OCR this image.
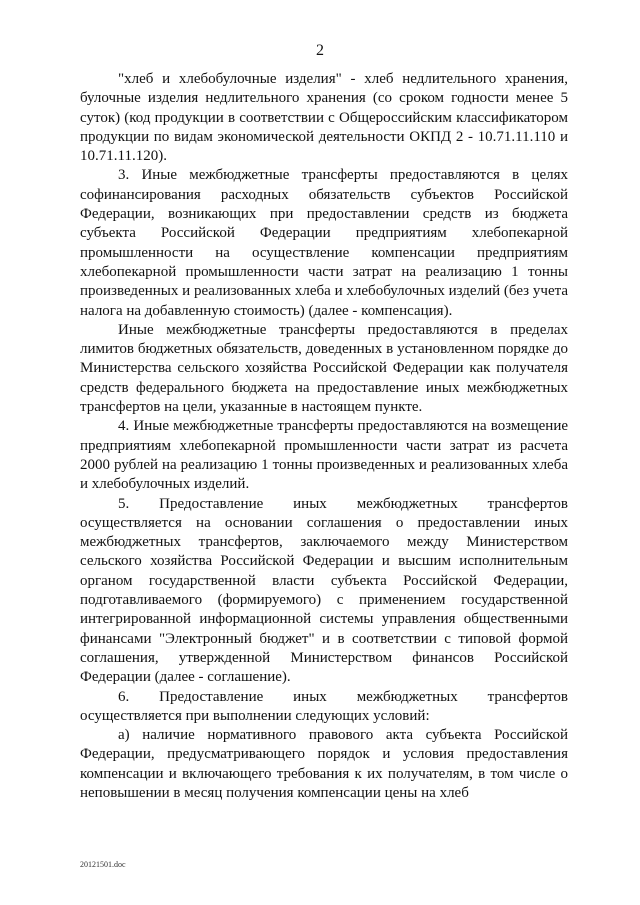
2

"хлеб и хлебобулочные изделия" - хлеб недлительного хранения, булочные изделия недлительного хранения (со сроком годности менее 5 суток) (код продукции в соответствии с Общероссийским классификатором продукции по видам экономической деятельности ОКПД 2 - 10.71.11.110 и 10.71.11.120).

3. Иные межбюджетные трансферты предоставляются в целях софинансирования расходных обязательств субъектов Российской Федерации, возникающих при предоставлении средств из бюджета субъекта Российской Федерации предприятиям хлебопекарной промышленности на осуществление компенсации предприятиям хлебопекарной промышленности части затрат на реализацию 1 тонны произведенных и реализованных хлеба и хлебобулочных изделий (без учета налога на добавленную стоимость) (далее - компенсация).

Иные межбюджетные трансферты предоставляются в пределах лимитов бюджетных обязательств, доведенных в установленном порядке до Министерства сельского хозяйства Российской Федерации как получателя средств федерального бюджета на предоставление иных межбюджетных трансфертов на цели, указанные в настоящем пункте.

4. Иные межбюджетные трансферты предоставляются на возмещение предприятиям хлебопекарной промышленности части затрат из расчета 2000 рублей на реализацию 1 тонны произведенных и реализованных хлеба и хлебобулочных изделий.

5. Предоставление иных межбюджетных трансфертов осуществляется на основании соглашения о предоставлении иных межбюджетных трансфертов, заключаемого между Министерством сельского хозяйства Российской Федерации и высшим исполнительным органом государственной власти субъекта Российской Федерации, подготавливаемого (формируемого) с применением государственной интегрированной информационной системы управления общественными финансами "Электронный бюджет" и в соответствии с типовой формой соглашения, утвержденной Министерством финансов Российской Федерации (далее - соглашение).

6. Предоставление иных межбюджетных трансфертов осуществляется при выполнении следующих условий:

а) наличие нормативного правового акта субъекта Российской Федерации, предусматривающего порядок и условия предоставления компенсации и включающего требования к их получателям, в том числе о неповышении в месяц получения компенсации цены на хлеб

20121501.doc
